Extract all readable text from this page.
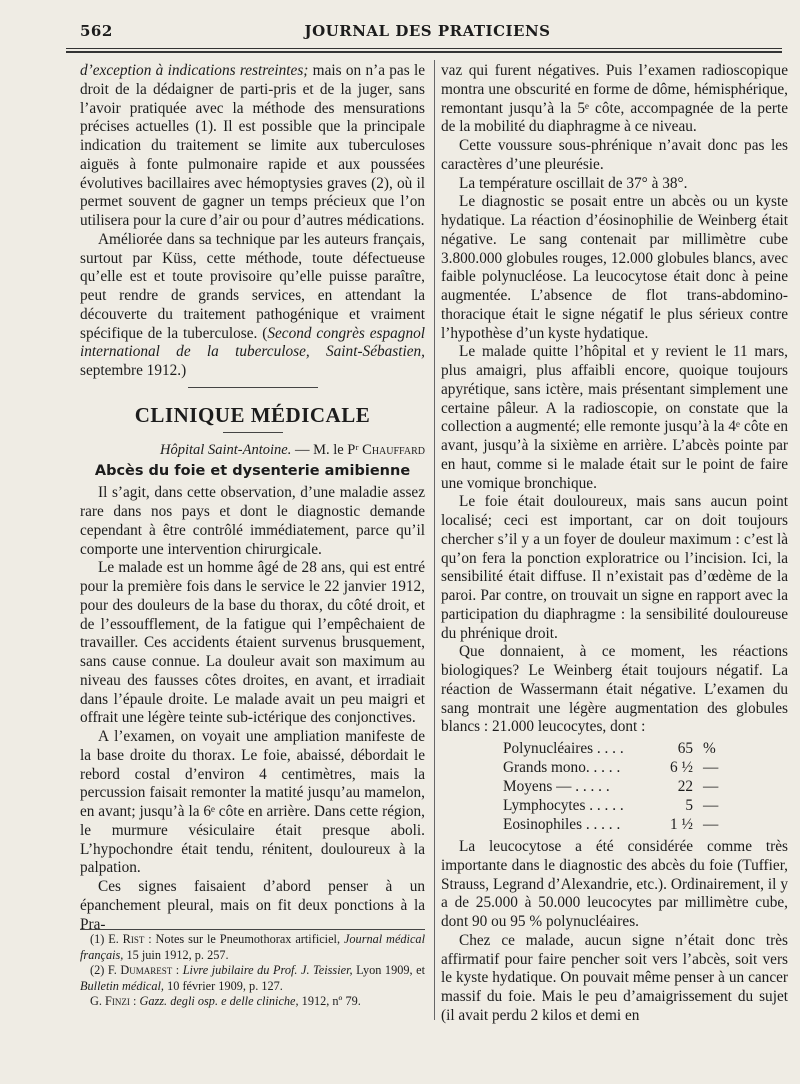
562	JOURNAL DES PRATICIENS

d’exception à indications restreintes; mais on n’a pas le droit de la dédaigner de parti-pris et de la juger, sans l’avoir pratiquée avec la méthode des mensurations précises actuelles (1). Il est possible que la principale indication du traitement se limite aux tuberculoses aiguës à fonte pulmonaire rapide et aux poussées évolutives bacillaires avec hémoptysies graves (2), où il permet souvent de gagner un temps précieux que l’on utilisera pour la cure d’air ou pour d’autres médications.

Améliorée dans sa technique par les auteurs français, surtout par Küss, cette méthode, toute défectueuse qu’elle est et toute provisoire qu’elle puisse paraître, peut rendre de grands services, en attendant la découverte du traitement pathogénique et vraiment spécifique de la tuberculose. (Second congrès espagnol international de la tuberculose, Saint-Sébastien, septembre 1912.)

CLINIQUE MÉDICALE

Hôpital Saint-Antoine. — M. le Pʳ Chauffard

Abcès du foie et dysenterie amibienne

Il s’agit, dans cette observation, d’une maladie assez rare dans nos pays et dont le diagnostic demande cependant à être contrôlé immédiatement, parce qu’il comporte une intervention chirurgicale.

Le malade est un homme âgé de 28 ans, qui est entré pour la première fois dans le service le 22 janvier 1912, pour des douleurs de la base du thorax, du côté droit, et de l’essoufflement, de la fatigue qui l’empêchaient de travailler. Ces accidents étaient survenus brusquement, sans cause connue. La douleur avait son maximum au niveau des fausses côtes droites, en avant, et irradiait dans l’épaule droite. Le malade avait un peu maigri et offrait une légère teinte sub-ictérique des conjonctives.

A l’examen, on voyait une ampliation manifeste de la base droite du thorax. Le foie, abaissé, débordait le rebord costal d’environ 4 centimètres, mais la percussion faisait remonter la matité jusqu’au mamelon, en avant; jusqu’à la 6ᵉ côte en arrière. Dans cette région, le murmure vésiculaire était presque aboli. L’hypochondre était tendu, rénitent, douloureux à la palpation.

Ces signes faisaient d’abord penser à un épanchement pleural, mais on fit deux ponctions à la Pra-

(1) E. Rist : Notes sur le Pneumothorax artificiel, Journal médical français, 15 juin 1912, p. 257.

(2) F. Dumarest : Livre jubilaire du Prof. J. Teissier, Lyon 1909, et Bulletin médical, 10 février 1909, p. 127.

G. Finzi : Gazz. degli osp. e delle cliniche, 1912, nº 79.

vaz qui furent négatives. Puis l’examen radioscopique montra une obscurité en forme de dôme, hémisphérique, remontant jusqu’à la 5ᵉ côte, accompagnée de la perte de la mobilité du diaphragme à ce niveau.

Cette voussure sous-phrénique n’avait donc pas les caractères d’une pleurésie.

La température oscillait de 37° à 38°.

Le diagnostic se posait entre un abcès ou un kyste hydatique. La réaction d’éosinophilie de Weinberg était négative. Le sang contenait par millimètre cube 3.800.000 globules rouges, 12.000 globules blancs, avec faible polynucléose. La leucocytose était donc à peine augmentée. L’absence de flot trans-abdomino-thoracique était le signe négatif le plus sérieux contre l’hypothèse d’un kyste hydatique.

Le malade quitte l’hôpital et y revient le 11 mars, plus amaigri, plus affaibli encore, quoique toujours apyrétique, sans ictère, mais présentant simplement une certaine pâleur. A la radioscopie, on constate que la collection a augmenté; elle remonte jusqu’à la 4ᵉ côte en avant, jusqu’à la sixième en arrière. L’abcès pointe par en haut, comme si le malade était sur le point de faire une vomique bronchique.

Le foie était douloureux, mais sans aucun point localisé; ceci est important, car on doit toujours chercher s’il y a un foyer de douleur maximum : c’est là qu’on fera la ponction exploratrice ou l’incision. Ici, la sensibilité était diffuse. Il n’existait pas d’œdème de la paroi. Par contre, on trouvait un signe en rapport avec la participation du diaphragme : la sensibilité douloureuse du phrénique droit.

Que donnaient, à ce moment, les réactions biologiques? Le Weinberg était toujours négatif. La réaction de Wassermann était négative. L’examen du sang montrait une légère augmentation des globules blancs : 21.000 leucocytes, dont :

Polynucléaires . . . .	65	%
Grands mono. . . . .	6 ½	—
Moyens — . . . . .	22	—
Lymphocytes . . . . .	5	—
Eosinophiles . . . . .	1 ½	—

La leucocytose a été considérée comme très importante dans le diagnostic des abcès du foie (Tuffier, Strauss, Legrand d’Alexandrie, etc.). Ordinairement, il y a de 25.000 à 50.000 leucocytes par millimètre cube, dont 90 ou 95 % polynucléaires.

Chez ce malade, aucun signe n’était donc très affirmatif pour faire pencher soit vers l’abcès, soit vers le kyste hydatique. On pouvait même penser à un cancer massif du foie. Mais le peu d’amaigrissement du sujet (il avait perdu 2 kilos et demi en
